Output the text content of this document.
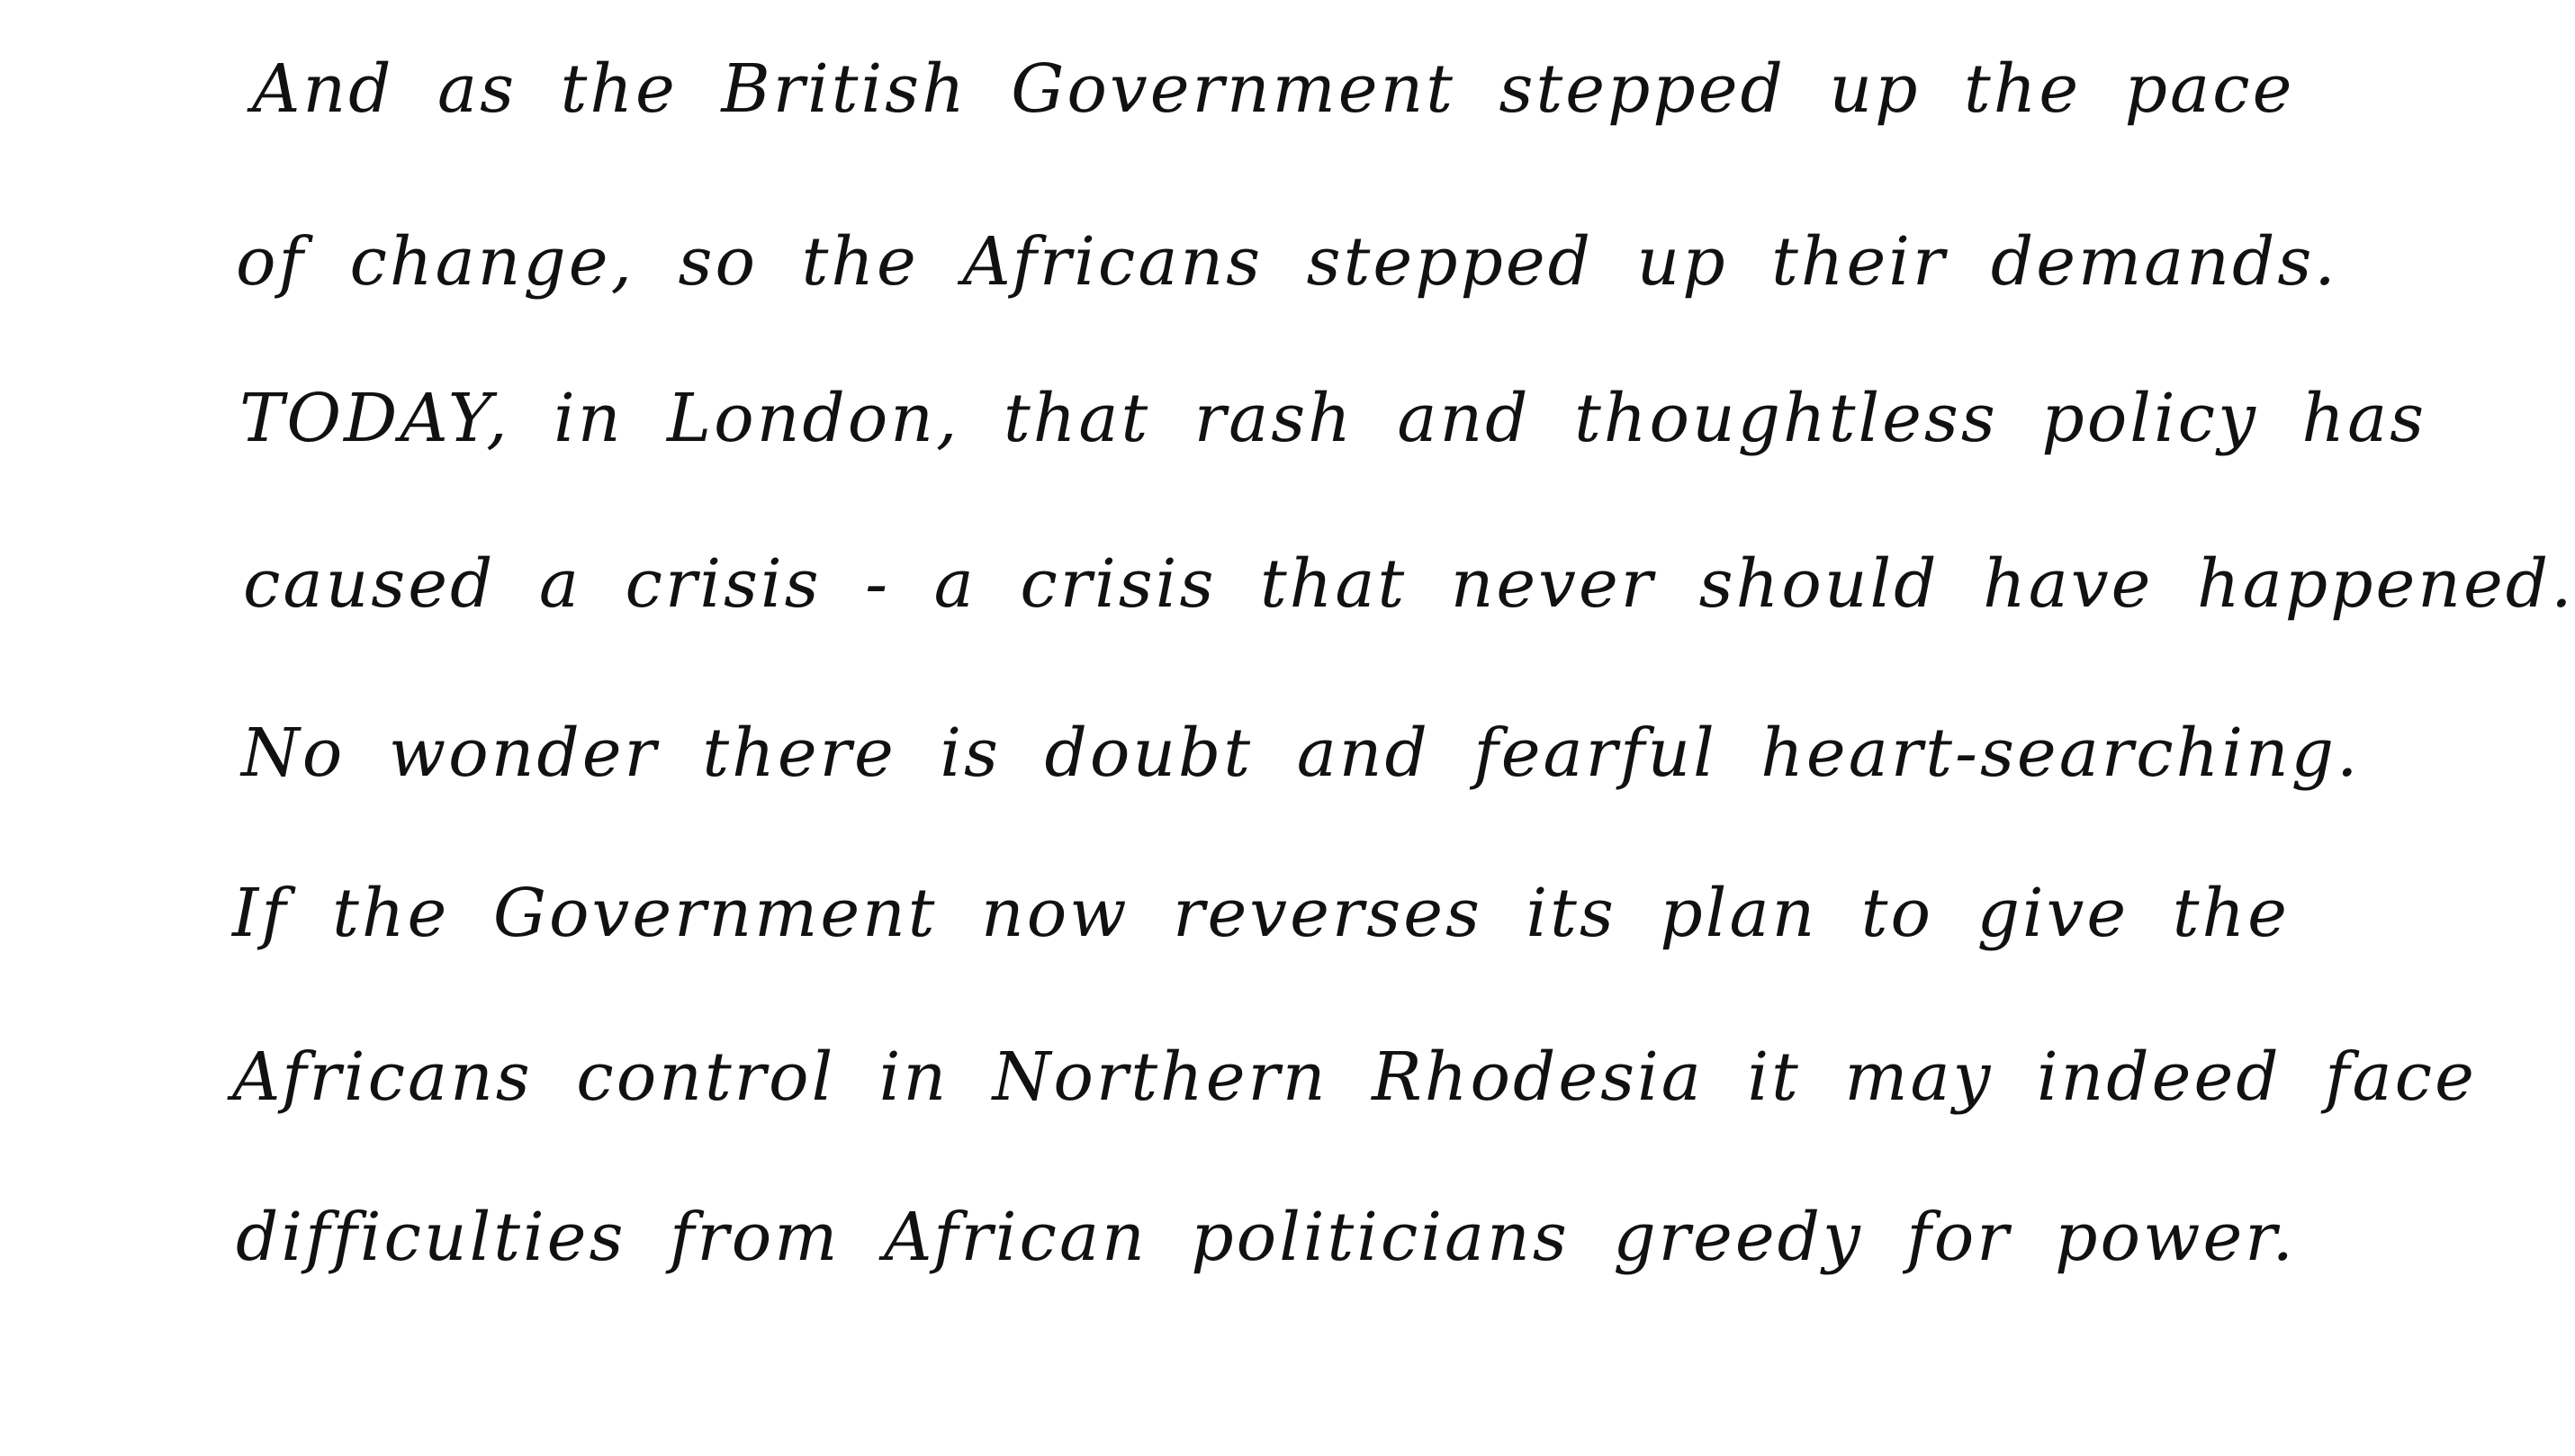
And as the British Government stepped up the pace
of change, so the Africans stepped up their demands.
TODAY, in London, that rash and thoughtless policy has
caused a crisis - a crisis that never should have happened.
No wonder there is doubt and fearful heart-searching.
If the Government now reverses its plan to give the
Africans control in Northern Rhodesia it may indeed face
difficulties from African politicians greedy for power.
